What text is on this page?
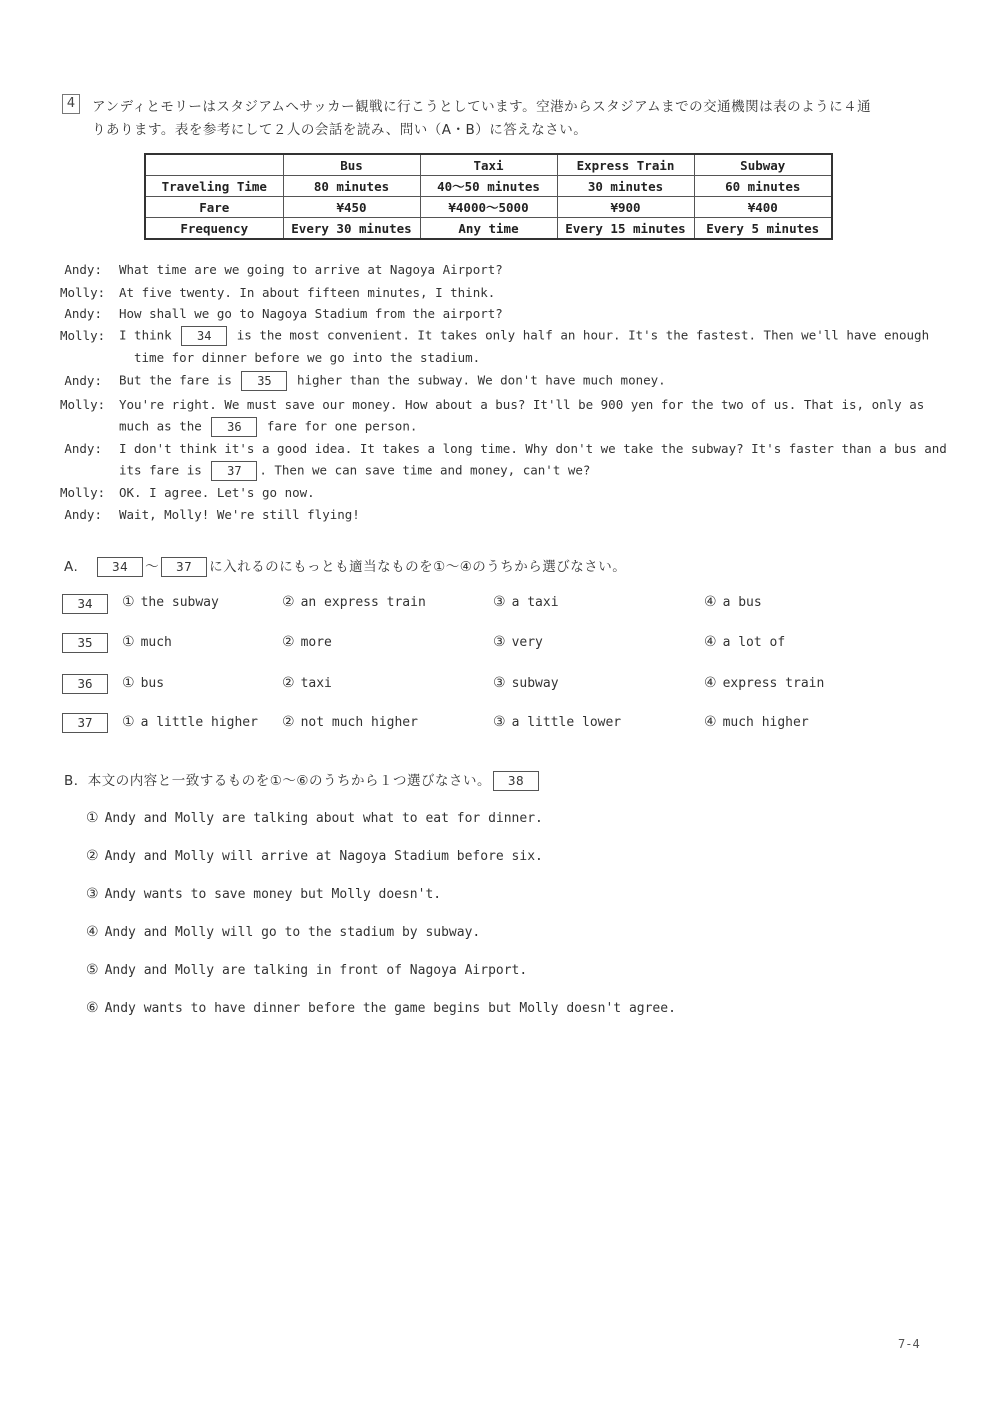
4	アンディとモリーはスタジアムへサッカー観戦に行こうとしています。空港からスタジアムまでの交通機関は表のように４通
りあります。表を参考にして２人の会話を読み、問い（A・B）に答えなさい。
	Bus	Taxi	Express Train	Subway
Traveling Time	80 minutes	40～50 minutes	30 minutes	60 minutes
Fare	¥450	¥4000～5000	¥900	¥400
Frequency	Every 30 minutes	Any time	Every 15 minutes	Every 5 minutes
Andy: What time are we going to arrive at Nagoya Airport?
Molly: At five twenty. In about fifteen minutes, I think.
Andy: How shall we go to Nagoya Stadium from the airport?
Molly: I think 34 is the most convenient. It takes only half an hour. It's the fastest. Then we'll have enough
time for dinner before we go into the stadium.
Andy: But the fare is 35 higher than the subway. We don't have much money.
Molly: You're right. We must save our money. How about a bus? It'll be 900 yen for the two of us. That is, only as
much as the 36 fare for one person.
Andy: I don't think it's a good idea. It takes a long time. Why don't we take the subway? It's faster than a bus and
its fare is 37 . Then we can save time and money, can't we?
Molly: OK. I agree. Let's go now.
Andy: Wait, Molly! We're still flying!
A.	34 ～ 37 に入れるのにもっとも適当なものを①～④のうちから選びなさい。
34	① the subway	② an express train	③ a taxi	④ a bus
35	① much	② more	③ very	④ a lot of
36	① bus	② taxi	③ subway	④ express train
37	① a little higher ② not much higher	③ a little lower	④ much higher
B．本文の内容と一致するものを①～⑥のうちから１つ選びなさい。 38
① Andy and Molly are talking about what to eat for dinner.
② Andy and Molly will arrive at Nagoya Stadium before six.
③ Andy wants to save money but Molly doesn't.
④ Andy and Molly will go to the stadium by subway.
⑤ Andy and Molly are talking in front of Nagoya Airport.
⑥ Andy wants to have dinner before the game begins but Molly doesn't agree.
7-4
